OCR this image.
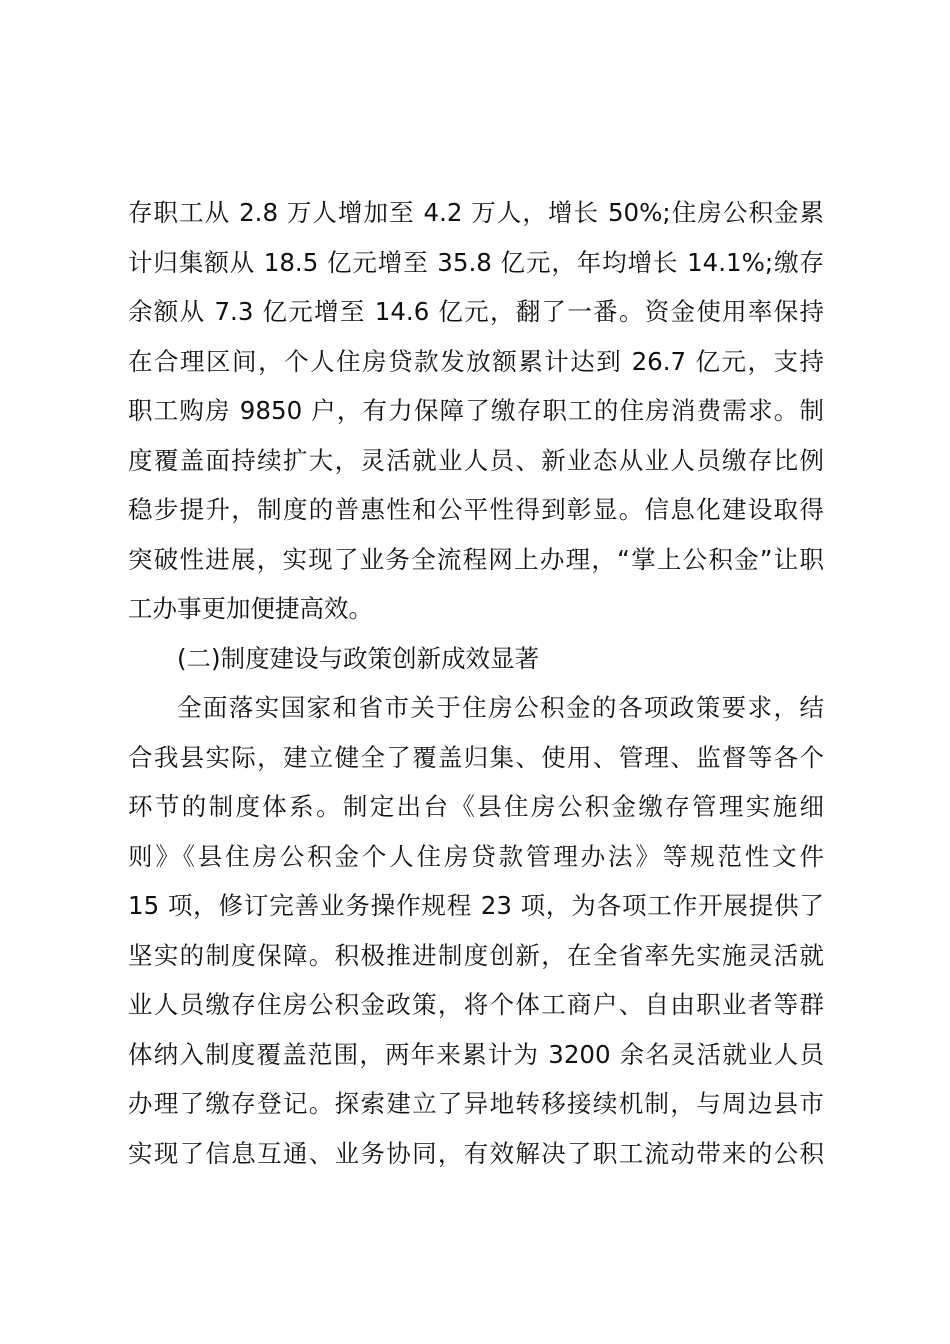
存职工从 2.8 万人增加至 4.2 万人，增长 50%;住房公积金累
计归集额从 18.5 亿元增至 35.8 亿元，年均增长 14.1%;缴存
余额从 7.3 亿元增至 14.6 亿元，翻了一番。资金使用率保持
在合理区间，个人住房贷款发放额累计达到 26.7 亿元，支持
职工购房 9850 户，有力保障了缴存职工的住房消费需求。制
度覆盖面持续扩大，灵活就业人员、新业态从业人员缴存比例
稳步提升，制度的普惠性和公平性得到彰显。信息化建设取得
突破性进展，实现了业务全流程网上办理，“掌上公积金”让职
工办事更加便捷高效。
(二)制度建设与政策创新成效显著
全面落实国家和省市关于住房公积金的各项政策要求，结
合我县实际，建立健全了覆盖归集、使用、管理、监督等各个
环节的制度体系。制定出台《县住房公积金缴存管理实施细
则》《县住房公积金个人住房贷款管理办法》等规范性文件
15 项，修订完善业务操作规程 23 项，为各项工作开展提供了
坚实的制度保障。积极推进制度创新，在全省率先实施灵活就
业人员缴存住房公积金政策，将个体工商户、自由职业者等群
体纳入制度覆盖范围，两年来累计为 3200 余名灵活就业人员
办理了缴存登记。探索建立了异地转移接续机制，与周边县市
实现了信息互通、业务协同，有效解决了职工流动带来的公积
